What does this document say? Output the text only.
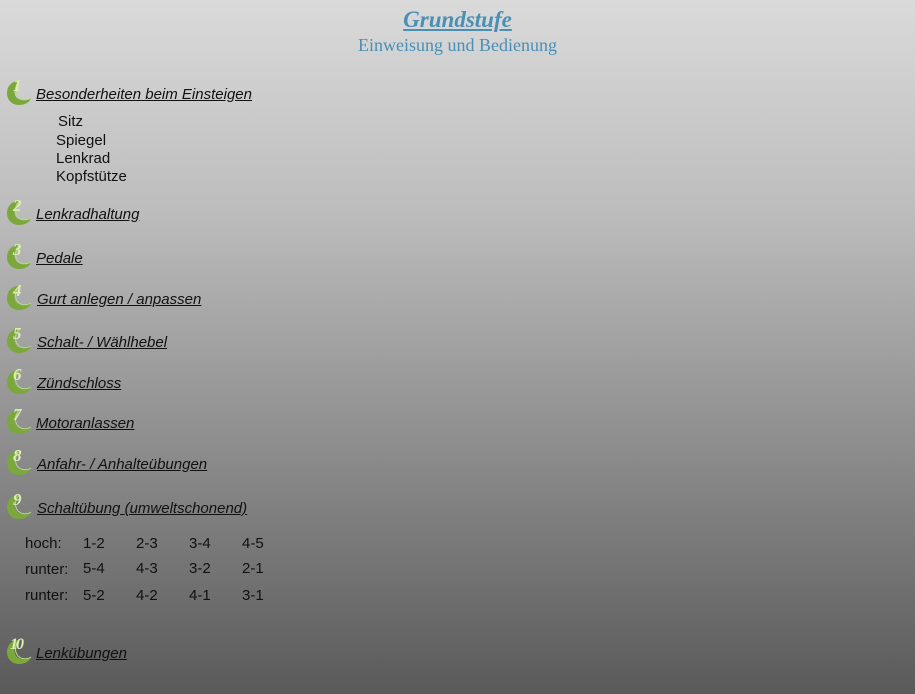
Grundstufe
Einweisung und Bedienung
1 Besonderheiten beim Einsteigen
Sitz
Spiegel
Lenkrad
Kopfstütze
2 Lenkradhaltung
3 Pedale
4 Gurt anlegen / anpassen
5 Schalt- / Wählhebel
6 Zündschloss
7 Motoranlassen
8 Anfahr- / Anhalteübungen
9 Schaltübung (umweltschonend)
hoch: 1-2 2-3 3-4 4-5
runter: 5-4 4-3 3-2 2-1
runter: 5-2 4-2 4-1 3-1
10
Lenkübungen
